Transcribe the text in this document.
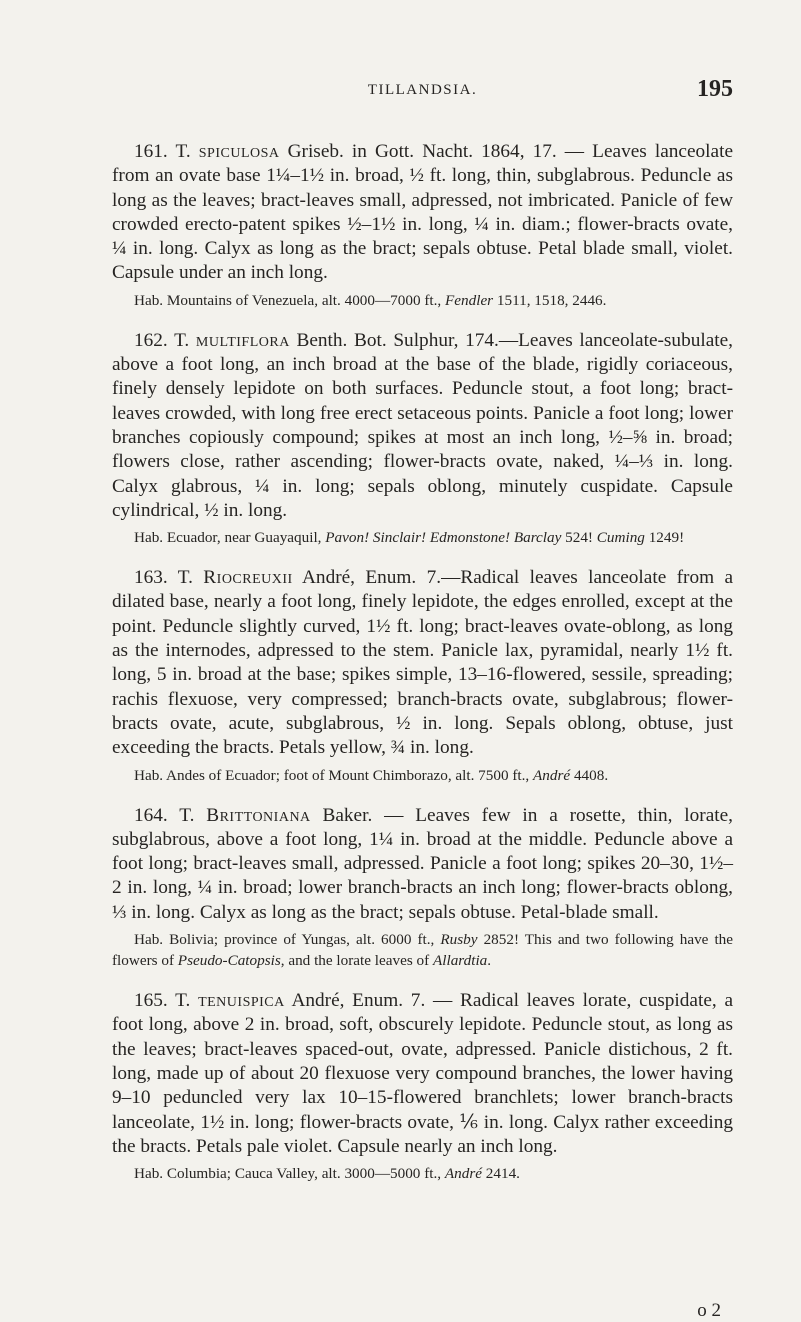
TILLANDSIA.	195

161. T. spiculosa Griseb. in Gott. Nacht. 1864, 17. — Leaves lanceolate from an ovate base 1¼–1½ in. broad, ½ ft. long, thin, subglabrous. Peduncle as long as the leaves; bract-leaves small, adpressed, not imbricated. Panicle of few crowded erecto-patent spikes ½–1½ in. long, ¼ in. diam.; flower-bracts ovate, ¼ in. long. Calyx as long as the bract; sepals obtuse. Petal blade small, violet. Capsule under an inch long.

Hab. Mountains of Venezuela, alt. 4000—7000 ft., Fendler 1511, 1518, 2446.

162. T. multiflora Benth. Bot. Sulphur, 174.—Leaves lanceolate-subulate, above a foot long, an inch broad at the base of the blade, rigidly coriaceous, finely densely lepidote on both surfaces. Peduncle stout, a foot long; bract-leaves crowded, with long free erect setaceous points. Panicle a foot long; lower branches copiously compound; spikes at most an inch long, ½–⅝ in. broad; flowers close, rather ascending; flower-bracts ovate, naked, ¼–⅓ in. long. Calyx glabrous, ¼ in. long; sepals oblong, minutely cuspidate. Capsule cylindrical, ½ in. long.

Hab. Ecuador, near Guayaquil, Pavon! Sinclair! Edmonstone! Barclay 524! Cuming 1249!

163. T. Riocreuxii André, Enum. 7.—Radical leaves lanceolate from a dilated base, nearly a foot long, finely lepidote, the edges enrolled, except at the point. Peduncle slightly curved, 1½ ft. long; bract-leaves ovate-oblong, as long as the internodes, adpressed to the stem. Panicle lax, pyramidal, nearly 1½ ft. long, 5 in. broad at the base; spikes simple, 13–16-flowered, sessile, spreading; rachis flexuose, very compressed; branch-bracts ovate, subglabrous; flower-bracts ovate, acute, subglabrous, ½ in. long. Sepals oblong, obtuse, just exceeding the bracts. Petals yellow, ¾ in. long.

Hab. Andes of Ecuador; foot of Mount Chimborazo, alt. 7500 ft., André 4408.

164. T. Brittoniana Baker. — Leaves few in a rosette, thin, lorate, subglabrous, above a foot long, 1¼ in. broad at the middle. Peduncle above a foot long; bract-leaves small, adpressed. Panicle a foot long; spikes 20–30, 1½–2 in. long, ¼ in. broad; lower branch-bracts an inch long; flower-bracts oblong, ⅓ in. long. Calyx as long as the bract; sepals obtuse. Petal-blade small.

Hab. Bolivia; province of Yungas, alt. 6000 ft., Rusby 2852! This and two following have the flowers of Pseudo-Catopsis, and the lorate leaves of Allardtia.

165. T. tenuispica André, Enum. 7. — Radical leaves lorate, cuspidate, a foot long, above 2 in. broad, soft, obscurely lepidote. Peduncle stout, as long as the leaves; bract-leaves spaced-out, ovate, adpressed. Panicle distichous, 2 ft. long, made up of about 20 flexuose very compound branches, the lower having 9–10 peduncled very lax 10–15-flowered branchlets; lower branch-bracts lanceolate, 1½ in. long; flower-bracts ovate, ⅙ in. long. Calyx rather exceeding the bracts. Petals pale violet. Capsule nearly an inch long.

Hab. Columbia; Cauca Valley, alt. 3000—5000 ft., André 2414.

o 2
